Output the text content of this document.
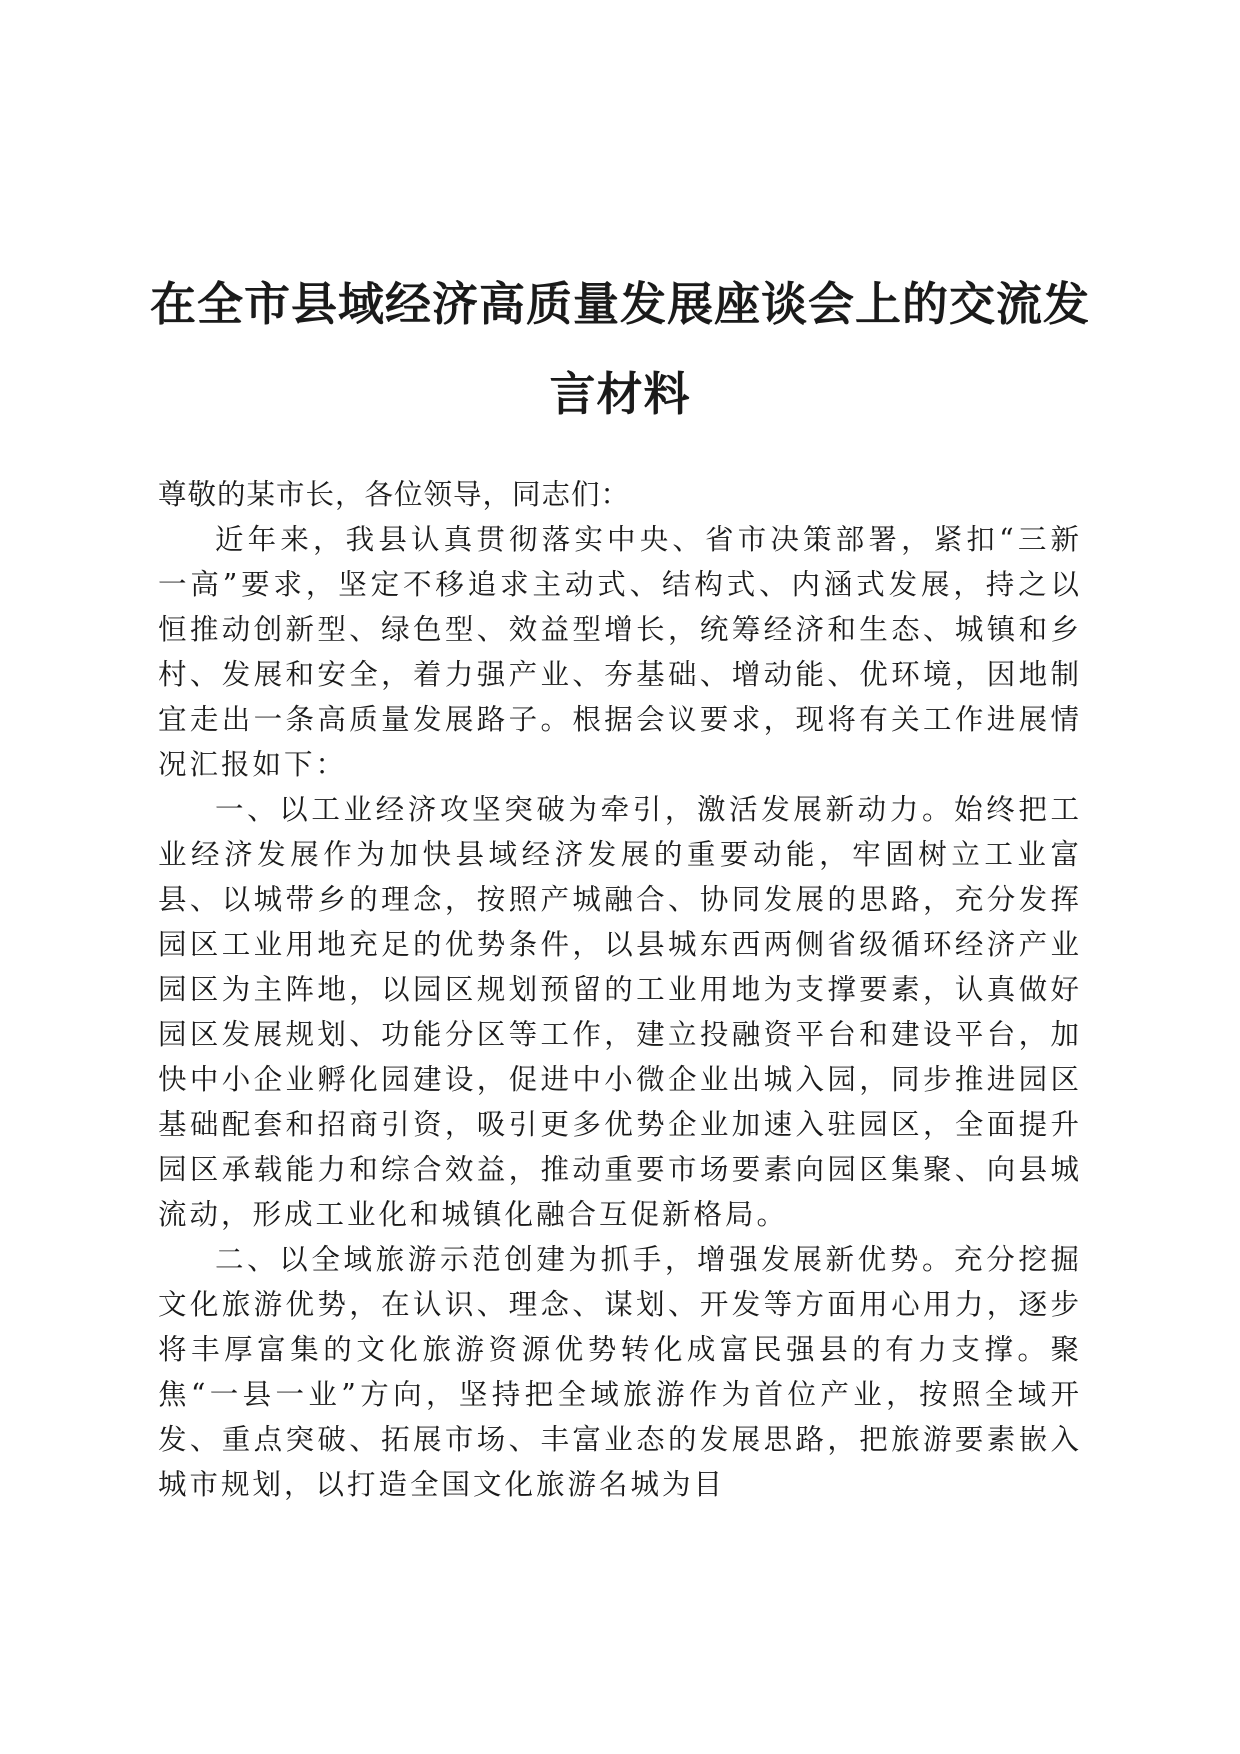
在全市县域经济高质量发展座谈会上的交流发
言材料

尊敬的某市长，各位领导，同志们：

近年来，我县认真贯彻落实中央、省市决策部署，紧扣“三新一高”要求，坚定不移追求主动式、结构式、内涵式发展，持之以恒推动创新型、绿色型、效益型增长，统筹经济和生态、城镇和乡村、发展和安全，着力强产业、夯基础、增动能、优环境，因地制宜走出一条高质量发展路子。根据会议要求，现将有关工作进展情况汇报如下：

一、以工业经济攻坚突破为牵引，激活发展新动力。始终把工业经济发展作为加快县域经济发展的重要动能，牢固树立工业富县、以城带乡的理念，按照产城融合、协同发展的思路，充分发挥园区工业用地充足的优势条件，以县城东西两侧省级循环经济产业园区为主阵地，以园区规划预留的工业用地为支撑要素，认真做好园区发展规划、功能分区等工作，建立投融资平台和建设平台，加快中小企业孵化园建设，促进中小微企业出城入园，同步推进园区基础配套和招商引资，吸引更多优势企业加速入驻园区，全面提升园区承载能力和综合效益，推动重要市场要素向园区集聚、向县城流动，形成工业化和城镇化融合互促新格局。

二、以全域旅游示范创建为抓手，增强发展新优势。充分挖掘文化旅游优势，在认识、理念、谋划、开发等方面用心用力，逐步将丰厚富集的文化旅游资源优势转化成富民强县的有力支撑。聚焦“一县一业”方向，坚持把全域旅游作为首位产业，按照全域开发、重点突破、拓展市场、丰富业态的发展思路，把旅游要素嵌入城市规划，以打造全国文化旅游名城为目
